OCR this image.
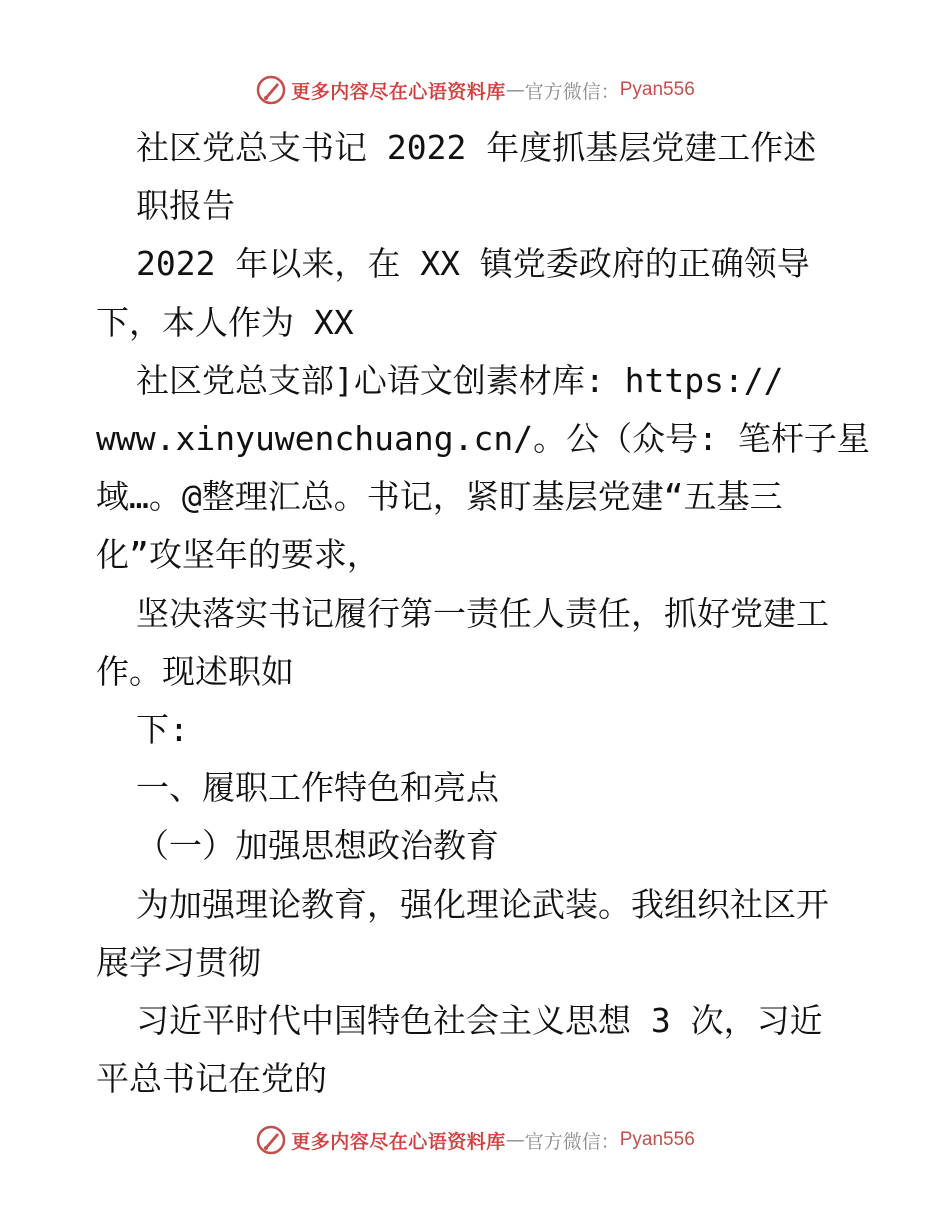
更多内容尽在心语资料库 — 官方微信： Pyan556

社区党总支书记 2022 年度抓基层党建工作述

职报告

2022 年以来，在 XX 镇党委政府的正确领导

下，本人作为 XX

社区党总支部]心语文创素材库: https://

www.xinyuwenchuang.cn/。公（众号: 笔杆子星

域…。@整理汇总。书记，紧盯基层党建“五基三

化”攻坚年的要求，

坚决落实书记履行第一责任人责任，抓好党建工

作。现述职如

下:

一、履职工作特色和亮点

（一）加强思想政治教育

为加强理论教育，强化理论武装。我组织社区开

展学习贯彻

习近平时代中国特色社会主义思想 3 次，习近

平总书记在党的

更多内容尽在心语资料库 — 官方微信： Pyan556
